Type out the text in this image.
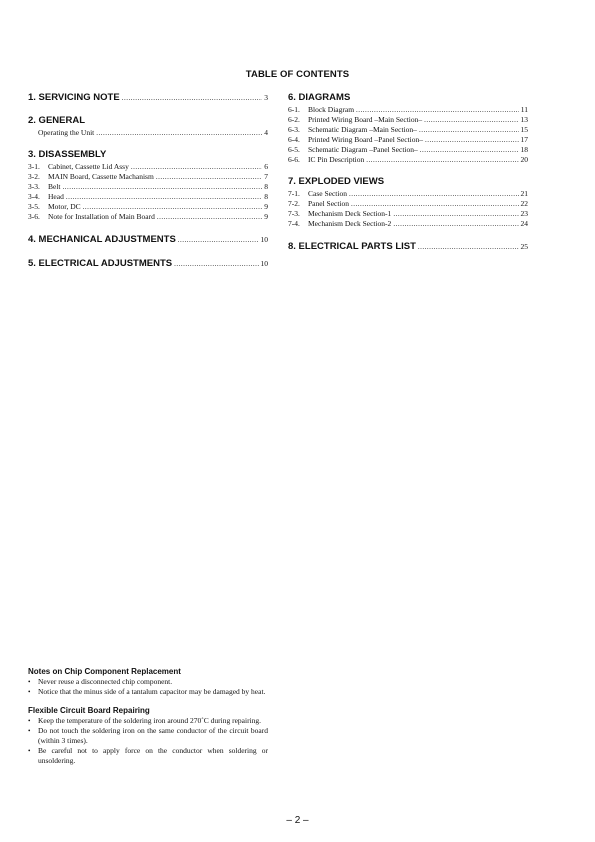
TABLE OF CONTENTS
1. SERVICING NOTE .....	3
2. GENERAL
Operating the Unit .....	4
3. DISASSEMBLY
3-1.	Cabinet, Cassette Lid Assy .....	6
3-2.	MAIN Board, Cassette Machanism .....	7
3-3.	Belt .....	8
3-4.	Head .....	8
3-5.	Motor, DC .....	9
3-6.	Note for Installation of Main Board .....	9
4. MECHANICAL ADJUSTMENTS .....	10
5. ELECTRICAL ADJUSTMENTS .....	10
6. DIAGRAMS
6-1.	Block Diagram .....	11
6-2.	Printed Wiring Board –Main Section– .....	13
6-3.	Schematic Diagram –Main Section– .....	15
6-4.	Printed Wiring Board –Panel Section– .....	17
6-5.	Schematic Diagram –Panel Section– .....	18
6-6.	IC Pin Description .....	20
7. EXPLODED VIEWS
7-1.	Case Section .....	21
7-2.	Panel Section .....	22
7-3.	Mechanism Deck Section-1 .....	23
7-4.	Mechanism Deck Section-2 .....	24
8. ELECTRICAL PARTS LIST .....	25
Notes on Chip Component Replacement
• Never reuse a disconnected chip component.
• Notice that the minus side of a tantalum capacitor may be damaged by heat.
Flexible Circuit Board Repairing
• Keep the temperature of the soldering iron around 270˚C during repairing.
• Do not touch the soldering iron on the same conductor of the circuit board (within 3 times).
• Be careful not to apply force on the conductor when soldering or unsoldering.
– 2 –
